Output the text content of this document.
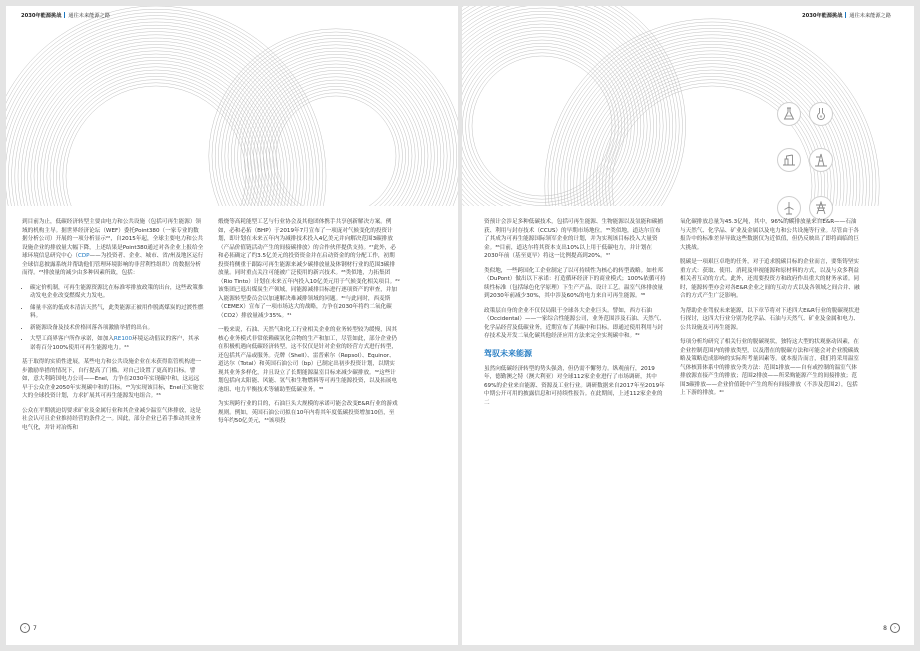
2030年能源挑战 通往未来能源之路

到目前为止，低碳经济转型主要由电力和公共设施（包括可再生能源）领域的机构主导。据世界经济论坛（WEF）委托Point380（一家专业的数据分析公司）开展的一项分析显示²²，自2015年起，全球主要电力和公共设施企业的排放量大幅下降，上述结果是Point380通过对各企业上报给全球环境信息研究中心（CDP——为投资者、企业、城市、省/州及地区运行全球信息披露系统并帮助他们管理环境影响的非营利性组织）的数据分析而得。²³排放量的减少由多种因素所致，包括：

• 碳定价机制，可再生能源资源比在标准零排放政策的出台，这些政策推动发电企业改变燃煤火力发电。
• 储量丰富的低成本清洁天然气，此类能源正被用作脱离煤炭的过渡性燃料。
• 新能源设备及技术价格回落各项激励举措的出台。
• 大型工商界客户所作承诺，如加入RE100环境运动倡议的客户，其承诺将百分100%使用可再生能源电力。²⁴

基于取得的实质性进展，某些电力和公共设施企业在未获得监管机构进一步激励举措的情况下，自行提高了门槛。对自己设置了更高的目标。譬如，意大利跨国电力公司——Enel，力争在2030年实现碳中和，这远远早于公众企业2050年实现碳中和的目标。²⁵为实现该目标，Enel正实施宏大的全球投资计划，力求扩展其可再生能源发电组合。²⁶

公众在平期就迫切要求矿业及金属行业和其企业减少温室气体排放，这是社会认可且企业推持经营的条件之一。因此，部分企业已着手推动其业务电气化，并针对冶炼和

煅烧等高耗能型工艺与行业协会及其他团体携手共享创新解决方案。例如，必和必拓（BHP）于2019年7月宣布了一项庞对气候变化的投资计划，即计划在未来五年内为减排技术投入4亿美元并向解决范围3碳排放（产品价值链活动产生的间接碳排放）的合作伙伴提供支持。²⁷此外，必和必拓确定了约3.5亿美元的投资资金并在启动资金的的分配工作，初期投资将侧重于跟踪可再生能源来减少碳排放量及体钢材行业的范围3碳排放量。同时重点关注可能被广泛使用的新兴技术。²⁸类似地，力拓集团（Rio Tinto）计划在未来五年内投入10亿美元用于气候变化相关项目。²⁹该集团已退出煤炭生产领域，同能源减排目标进行逐项资产的审查，并加入能源转型委员会以加速解决难减排领域的问题。³⁰与此同时，西麦斯（CEMEX）宣布了一项市场达大的战略，力争在2030年将约二氧化碳（CO2）排放量减少35%。³¹

一般来说，石油、天然气和化工行业相关企业的业务转型较为缓慢，因其核心业务模式非常依赖碳氢化合物的生产和加工，尽管如此，部分企业仍在积极机遇向低碳经济转型，这不仅仅是针对企业的经营方式进行转型，还包括其产品或服务。壳牌（Shell）、雷普索尔（Repsol）、Equinor、道达尔（Total）和英国石油公司（bp）已制定出初步投资计划，以期实现其业务多样化，并且设立了长期能源温室目标来减少碳排放。³²这些计划包括向太阳能、风能、氢气和生物燃料等可再生能源投资，以及拓展电池组、电力平衡技术等辅助型低碳业务。³³

为实现跨行业的目的，石油巨头大规模的承诺可能会改变E&R行业的游戏规则。例如，英国石油公司拟在10年内将其年度低碳投资增加10倍，至每年约50亿美元，³⁴该项投

‹	7
2030年能源挑战 通往未来能源之路

资预计会涉足多种低碳技术，包括可再生能源、生物能源以及氢能和碳捕获、利用与封存技术（CCUS）的早期市场地位。³⁵类似地，道达尔宣布了其成为可再生能源国际领军企业的计划，并为实现该目标投入大量资金。³⁶目前，道达尔将其资本支出10%以上用于低碳电力，并计划在2030年前（基至更早）将这一比例提高到20%。³⁷

类似地，一些跨国化工企业制定了以可持续性为核心的转型战略。如杜邦（DuPont）做出以下承诺：打造循环经济下的商业模式；100%依循可持续性标准（包括绿色化学原理）下生产产品、设计工艺。温室气体排放量到2030年前减少30%，其中涉及60%的电力来自可再生能源。³⁸

政策层自身的企业不仅仅局限于全球各大企业巨头。譬如，西方石油（Occidental）——一家综合性能源公司，业务范围涉及石油、天然气、化学品经营及低碳业务，近期宣布了其碳中和目标。即通过使用利用与封存技术及开发二氧化碳其他经济应用方法来完全实现碳中和。³⁹

驾驭未来能源

虽然向低碳经济转型的势头强劲，但仍需不懈努力。纵观前行，2019年，德勤澳之特（澳大利亚）对全球112家企业进行了市场调研，其中69%的企业来自能源、资源及工业行业。调研数据来自2017年至2019年中期公开可用的披露信息和可持续性报告。在此期间，上述112家企业的二

氧化碳排放总量为45.3亿吨，其中，96%的碳排放量来自E&R——石油与天然气、化学品、矿业及金属以及电力和公共设施等行业。尽管由于各报告中的标准差异导致这些数据仅为近似值，但仍反映出了即将面临的巨大挑战。

脱碳是一项艰巨卓绝的任务，对于追求脱碳目标的企业而言，要集铸坚实重方式：获取、使用、消耗及审视能源和原材料的方式，以及与众多利益相关者互动的方式。此外，还需要投资方和政府作出重大的财务承诺。同时，能源转型亦会对各E&R企业之间的互动方式以及各领域之间合并、融合的方式产生广泛影响。

为帮助企业驾驭未来能源，以下章节将对下述四大E&R行业的脱碳现状进行探讨，这四大行业分别为化学品、石油与天然气、矿业及金属和电力、公共设施及可再生能源。

每项分析均研究了相关行业的脱碳现状，独特这大型的状观驱动因素，在企业控制范围内的排放类型，以及潜在的脱碳方法和可能会对企业脱碳战略及策略造成影响的实际所考量因素等。就本报告而言，我们将采用温室气体核算体系中的排放分类方法：范围1排放——自有或控制的温室气体排放源直接产生的排放；范围2排放——所采购能源产生的间接排放；范围3碳排放——企业价值链中产生的所有间接排放（不涉及范围2），包括上下游的排放。⁴⁰

8	›
